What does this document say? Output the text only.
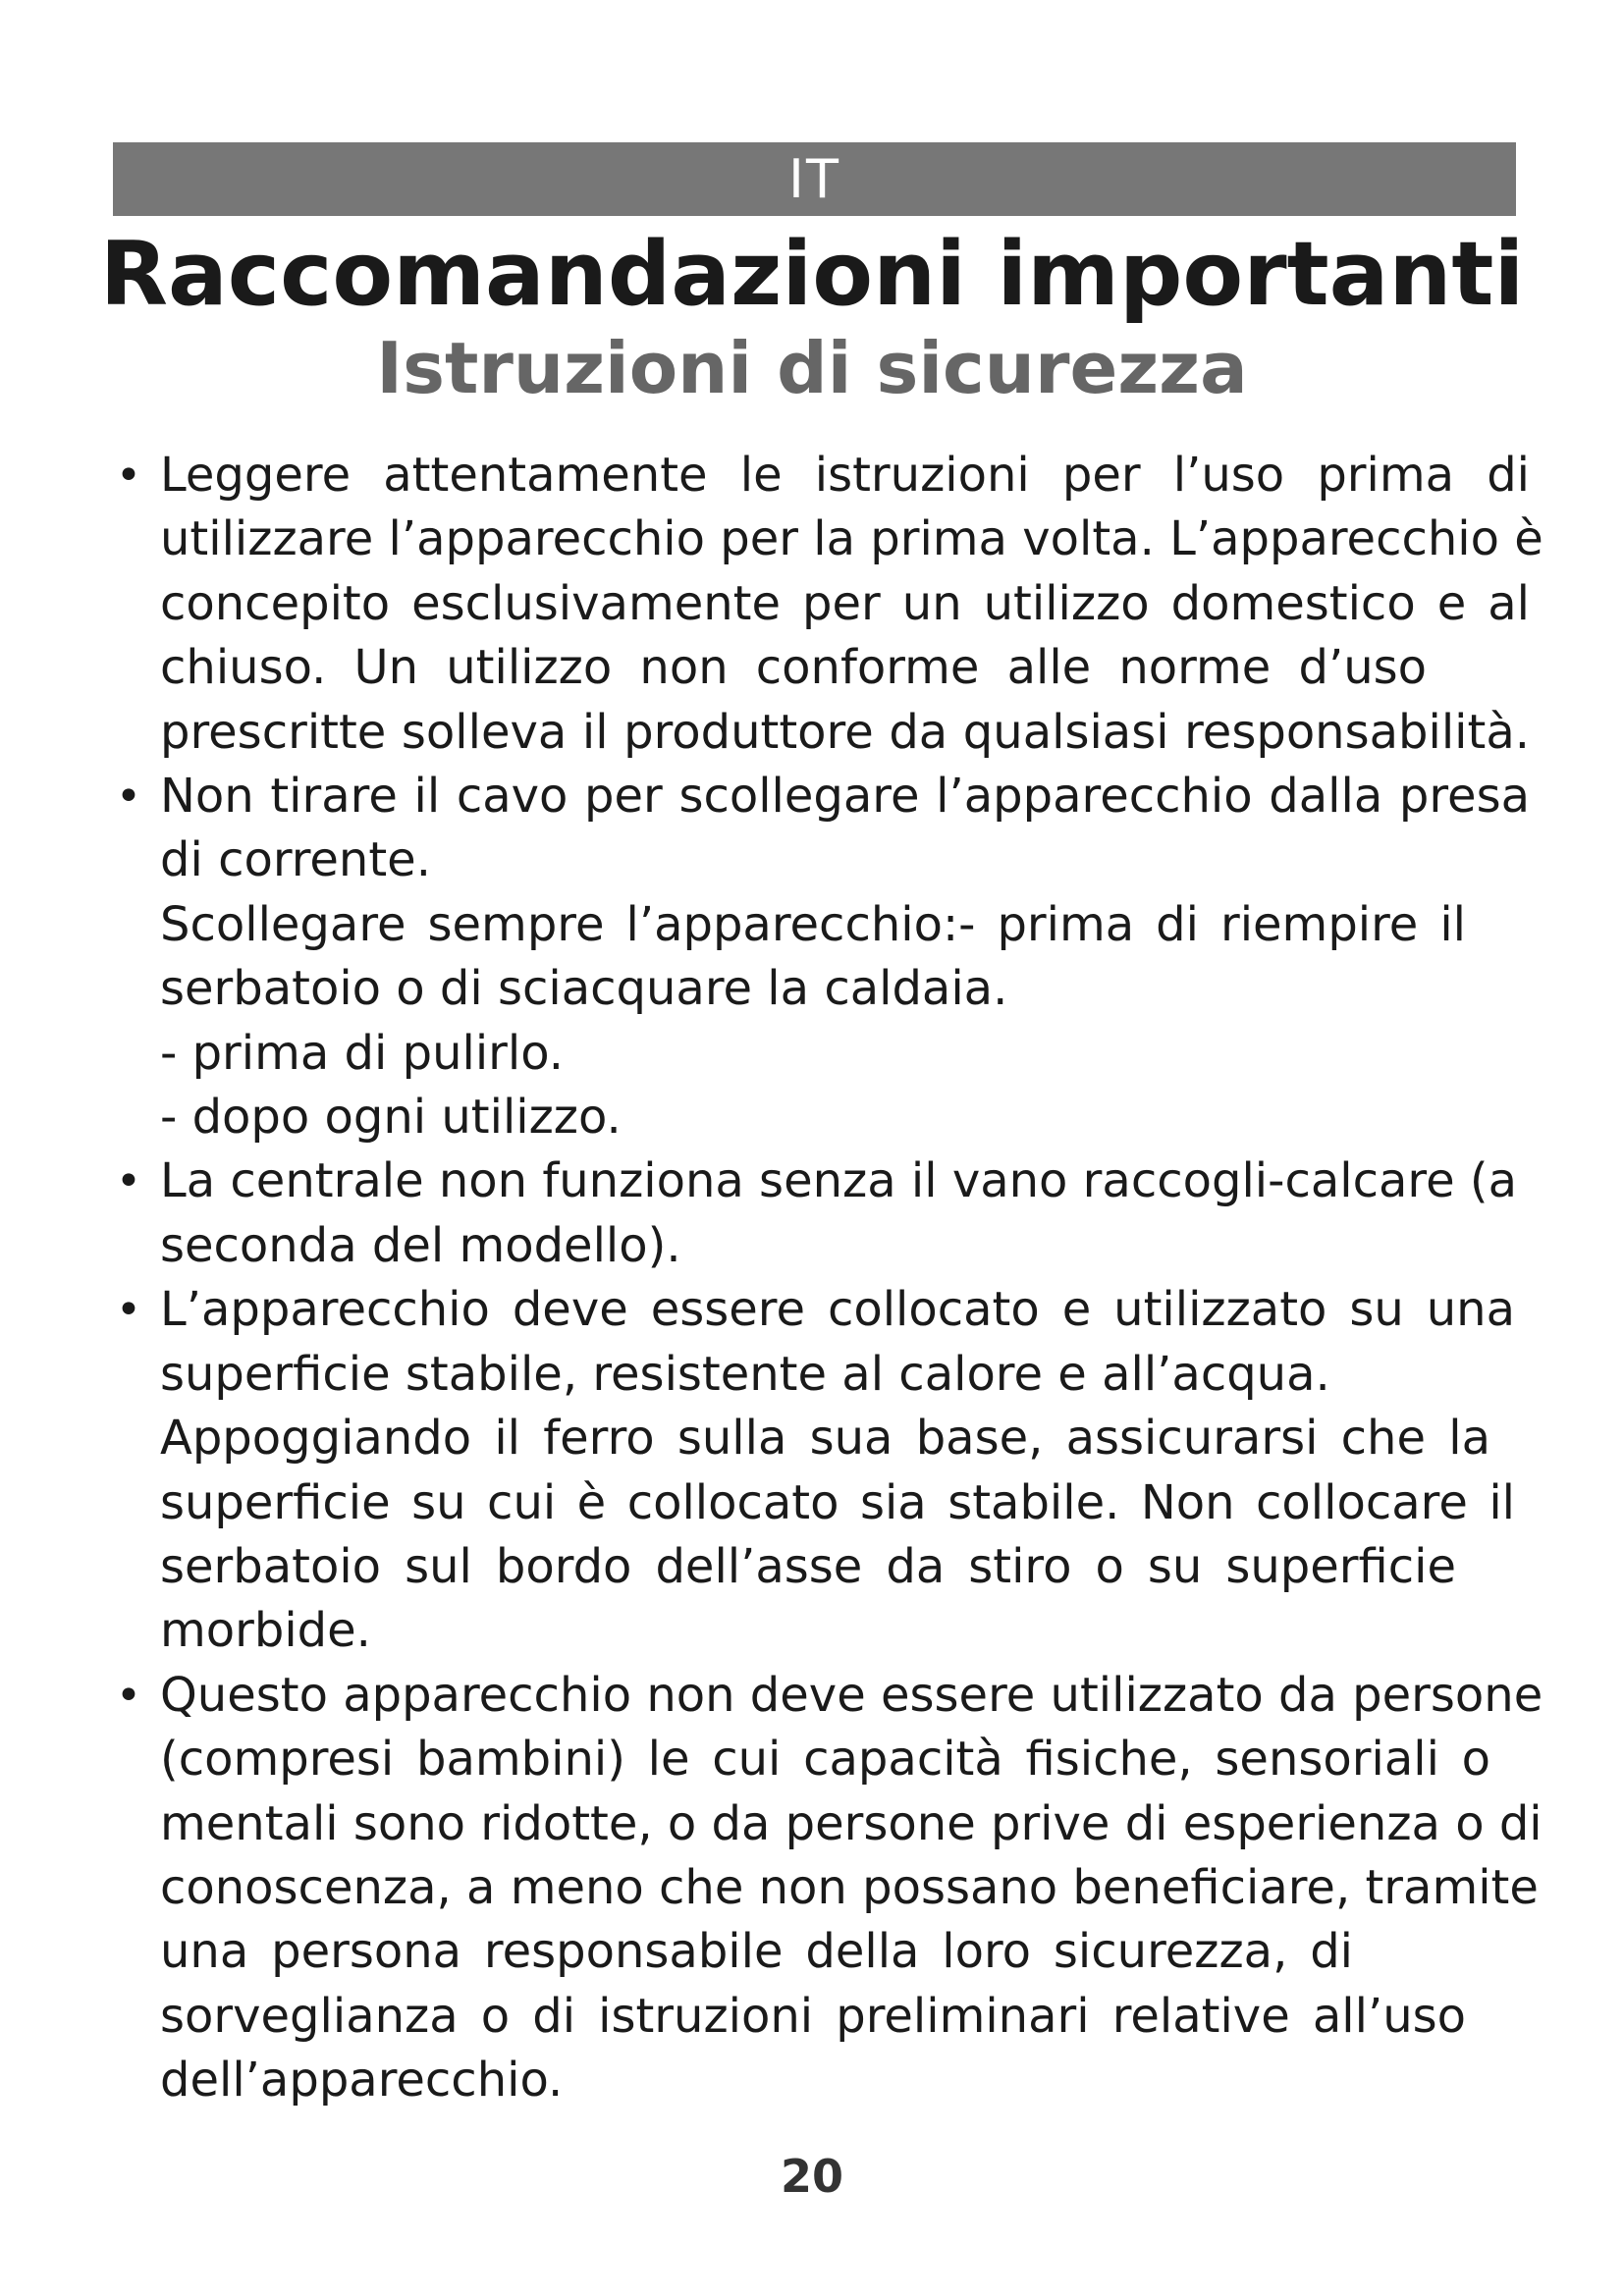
IT
Raccomandazioni importanti
Istruzioni di sicurezza
• Leggere attentamente le istruzioni per l’uso prima di
utilizzare l’apparecchio per la prima volta. L’apparecchio è
concepito esclusivamente per un utilizzo domestico e al
chiuso. Un utilizzo non conforme alle norme d’uso
prescritte solleva il produttore da qualsiasi responsabilità.
• Non tirare il cavo per scollegare l’apparecchio dalla presa
di corrente.
Scollegare sempre l’apparecchio:- prima di riempire il
serbatoio o di sciacquare la caldaia.
- prima di pulirlo.
- dopo ogni utilizzo.
• La centrale non funziona senza il vano raccogli-calcare (a
seconda del modello).
• L’apparecchio deve essere collocato e utilizzato su una
superficie stabile, resistente al calore e all’acqua.
Appoggiando il ferro sulla sua base, assicurarsi che la
superficie su cui è collocato sia stabile. Non collocare il
serbatoio sul bordo dell’asse da stiro o su superficie
morbide.
• Questo apparecchio non deve essere utilizzato da persone
(compresi bambini) le cui capacità fisiche, sensoriali o
mentali sono ridotte, o da persone prive di esperienza o di
conoscenza, a meno che non possano beneficiare, tramite
una persona responsabile della loro sicurezza, di
sorveglianza o di istruzioni preliminari relative all’uso
dell’apparecchio.
20
